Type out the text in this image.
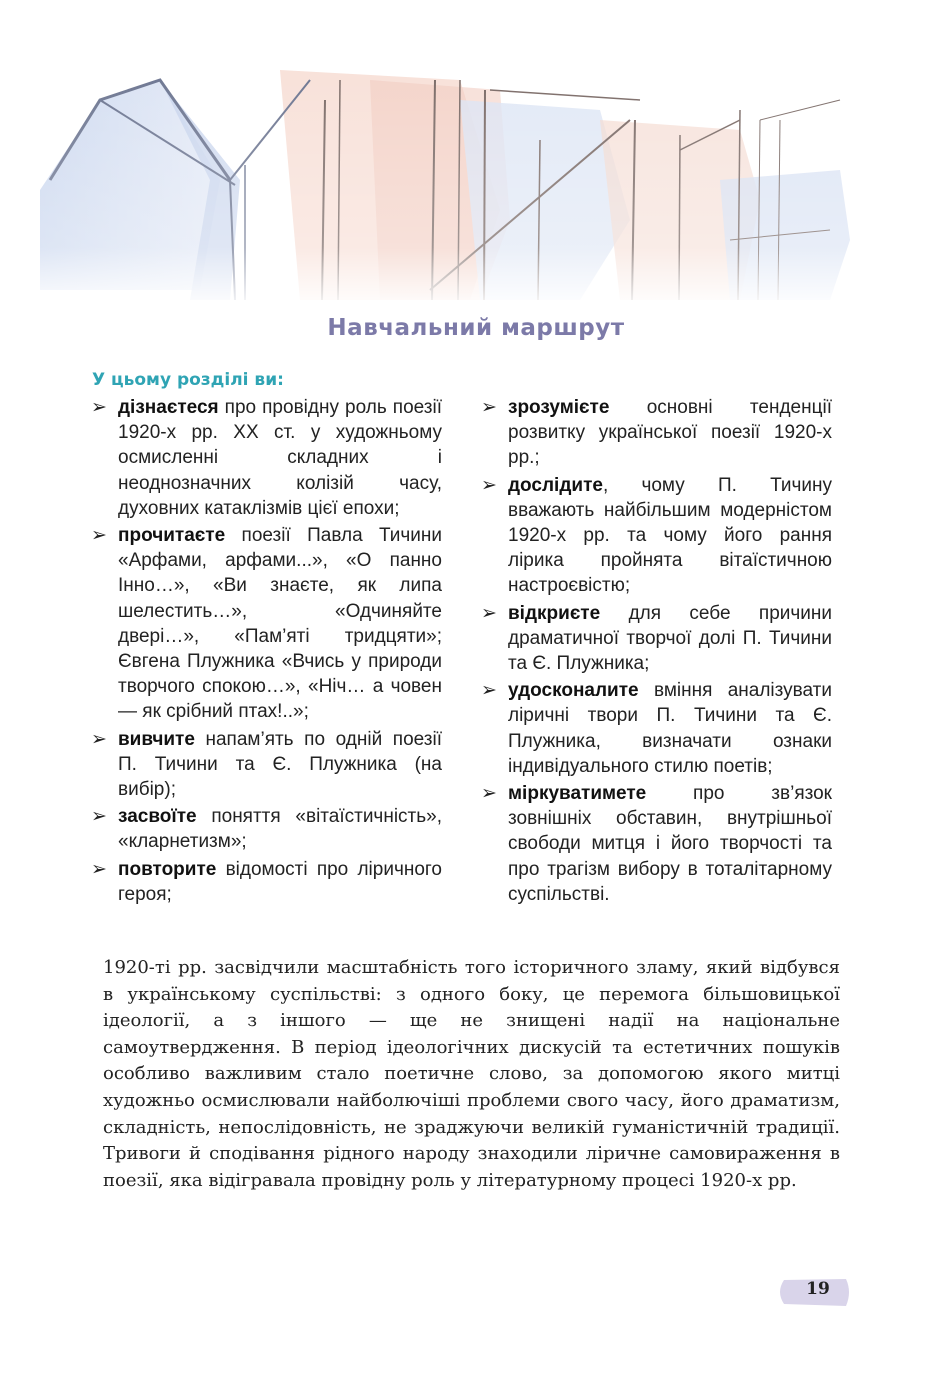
Навчальний маршрут
У цьому розділі ви:
➢ дізнаєтеся про провідну роль поезії 1920-х рр. XX ст. у художньому осмисленні складних і неоднозначних колізій часу, духовних катаклізмів цієї епохи;
➢ прочитаєте поезії Павла Тичини «Арфами, арфами...», «О панно Інно…», «Ви знаєте, як липа шелестить…», «Одчиняйте двері…», «Пам’яті тридцяти»; Євгена Плужника «Вчись у природи творчого спокою…», «Ніч… а човен — як срібний птах!..»;
➢ вивчите напам’ять по одній поезії П. Тичини та Є. Плужника (на вибір);
➢ засвоїте поняття «вітаїстичність», «кларнетизм»;
➢ повторите відомості про ліричного героя;
➢ зрозумієте основні тенденції розвитку української поезії 1920-х рр.;
➢ дослідите, чому П. Тичину вважають найбільшим модерністом 1920-х рр. та чому його рання лірика пройнята вітаїстичною настроєвістю;
➢ відкриєте для себе причини драматичної творчої долі П. Тичини та Є. Плужника;
➢ удосконалите вміння аналізувати ліричні твори П. Тичини та Є. Плужника, визначати ознаки індивідуального стилю поетів;
➢ міркуватимете про зв’язок зовнішніх обставин, внутрішньої свободи митця і його творчості та про трагізм вибору в тоталітарному суспільстві.
1920-ті рр. засвідчили масштабність того історичного зламу, який відбувся в українському суспільстві: з одного боку, це перемога більшовицької ідеології, а з іншого — ще не знищені надії на національне самоутвердження. В період ідеологічних дискусій та естетичних пошуків особливо важливим стало поетичне слово, за допомогою якого митці художньо осмислювали найболючіші проблеми свого часу, його драматизм, складність, непослідовність, не зраджуючи великій гуманістичній традиції. Тривоги й сподівання рідного народу знаходили ліричне самовираження в поезії, яка відігравала провідну роль у літературному процесі 1920-х рр.
19
